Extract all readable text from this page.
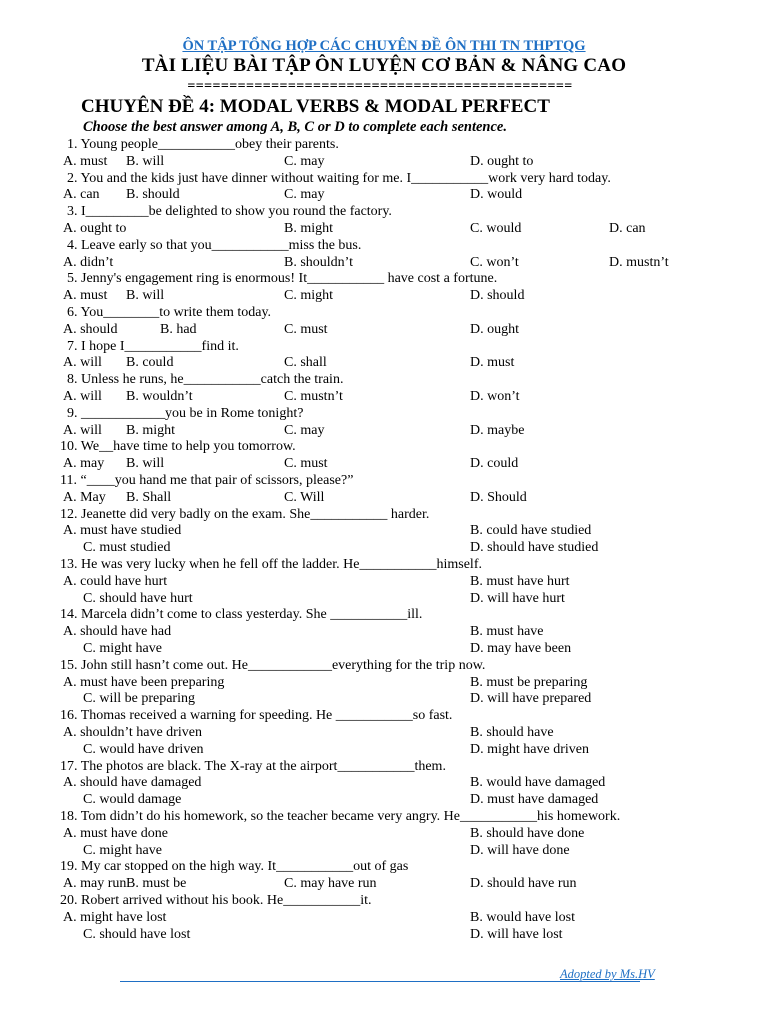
ÔN TẬP TỔNG HỢP CÁC CHUYÊN ĐỀ ÔN THI TN THPTQG
TÀI LIỆU BÀI TẬP ÔN LUYỆN CƠ BẢN & NÂNG CAO
==============================================
CHUYÊN ĐỀ 4: MODAL VERBS & MODAL PERFECT
Choose the best answer among A, B, C or D to complete each sentence.
1. Young people___________obey their parents.
A. must B. will	C. may	D. ought to
2. You and the kids just have dinner without waiting for me. I___________work very hard today.
A. can B. should	C. may	D. would
3. I_________be delighted to show you round the factory.
A. ought to	B. might	C. would	D. can
4. Leave early so that you___________miss the bus.
A. didn’t	B. shouldn’t	C. won’t	D. mustn’t
5. Jenny's engagement ring is enormous! It___________ have cost a fortune.
A. must B. will	C. might	D. should
6. You________to write them today.
A. should	B. had	C. must	D. ought
7. I hope I___________find it.
A. will B. could	C. shall	D. must
8. Unless he runs, he___________catch the train.
A. will B. wouldn’t	C. mustn’t	D. won’t
9. ____________you be in Rome tonight?
A. will B. might	C. may	D. maybe
10. We__have time to help you tomorrow.
A. may B. will	C. must	D. could
11. “____you hand me that pair of scissors, please?”
A. May B. Shall	C. Will	D. Should
12. Jeanette did very badly on the exam. She___________ harder.
A. must have studied	B. could have studied
C. must studied	D. should have studied
13. He was very lucky when he fell off the ladder. He___________himself.
A. could have hurt	B. must have hurt
C. should have hurt	D. will have hurt
14. Marcela didn’t come to class yesterday. She ___________ill.
A. should have had	B. must have
C. might have	D. may have been
15. John still hasn’t come out. He____________everything for the trip now.
A. must have been preparing	B. must be preparing
C. will be preparing	D. will have prepared
16. Thomas received a warning for speeding. He ___________so fast.
A. shouldn’t have driven	B. should have
C. would have driven	D. might have driven
17. The photos are black. The X-ray at the airport___________them.
A. should have damaged	B. would have damaged
C. would damage	D. must have damaged
18. Tom didn’t do his homework, so the teacher became very angry. He___________his homework.
A. must have done	B. should have done
C. might have	D. will have done
19. My car stopped on the high way. It___________out of gas
A. may run B. must be	C. may have run	D. should have run
20. Robert arrived without his book. He___________it.
A. might have lost	B. would have lost
C. should have lost	D. will have lost
Adopted by Ms.HV
